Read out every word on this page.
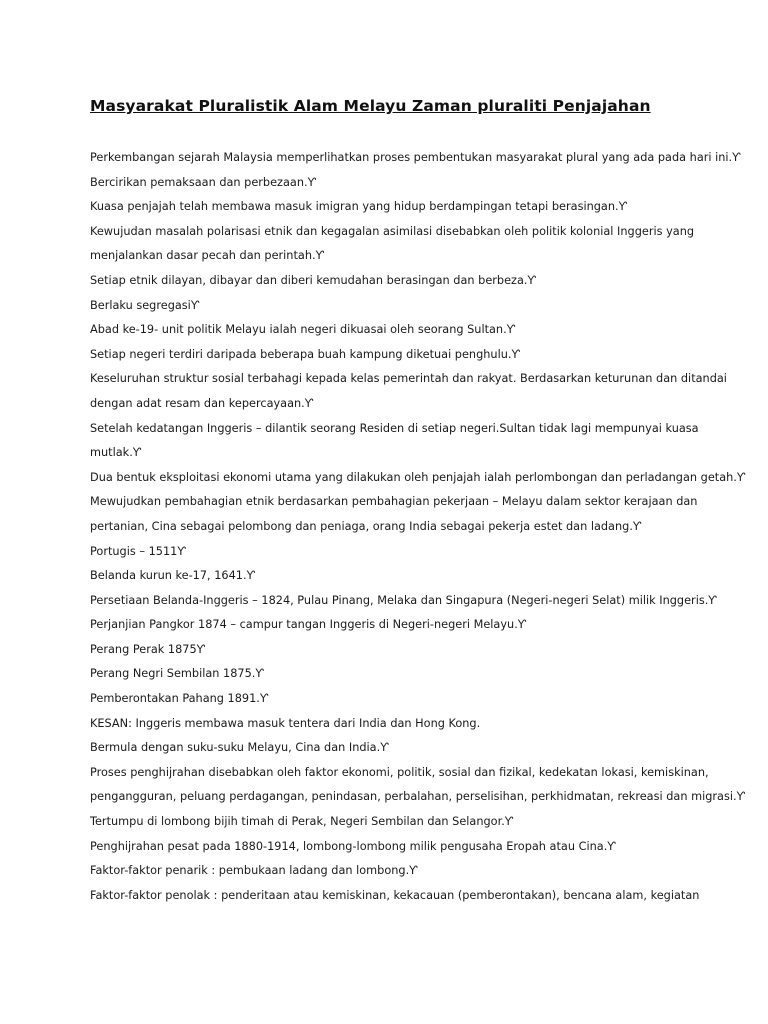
Masyarakat Pluralistik Alam Melayu Zaman pluraliti Penjajahan
Perkembangan sejarah Malaysia memperlihatkan proses pembentukan masyarakat plural yang ada pada hari ini.Ƴ
Bercirikan pemaksaan dan perbezaan.Ƴ
Kuasa penjajah telah membawa masuk imigran yang hidup berdampingan tetapi berasingan.Ƴ
Kewujudan masalah polarisasi etnik dan kegagalan asimilasi disebabkan oleh politik kolonial Inggeris yang
menjalankan dasar pecah dan perintah.Ƴ
Setiap etnik dilayan, dibayar dan diberi kemudahan berasingan dan berbeza.Ƴ
Berlaku segregasiƳ
Abad ke-19- unit politik Melayu ialah negeri dikuasai oleh seorang Sultan.Ƴ
Setiap negeri terdiri daripada beberapa buah kampung diketuai penghulu.Ƴ
Keseluruhan struktur sosial terbahagi kepada kelas pemerintah dan rakyat. Berdasarkan keturunan dan ditandai
dengan adat resam dan kepercayaan.Ƴ
Setelah kedatangan Inggeris – dilantik seorang Residen di setiap negeri.Sultan tidak lagi mempunyai kuasa
mutlak.Ƴ
Dua bentuk eksploitasi ekonomi utama yang dilakukan oleh penjajah ialah perlombongan dan perladangan getah.Ƴ
Mewujudkan pembahagian etnik berdasarkan pembahagian pekerjaan – Melayu dalam sektor kerajaan dan
pertanian, Cina sebagai pelombong dan peniaga, orang India sebagai pekerja estet dan ladang.Ƴ
Portugis – 1511Ƴ
Belanda kurun ke-17, 1641.Ƴ
Persetiaan Belanda-Inggeris – 1824, Pulau Pinang, Melaka dan Singapura (Negeri-negeri Selat) milik Inggeris.Ƴ
Perjanjian Pangkor 1874 – campur tangan Inggeris di Negeri-negeri Melayu.Ƴ
Perang Perak 1875Ƴ
Perang Negri Sembilan 1875.Ƴ
Pemberontakan Pahang 1891.Ƴ
KESAN: Inggeris membawa masuk tentera dari India dan Hong Kong.
Bermula dengan suku-suku Melayu, Cina dan India.Ƴ
Proses penghijrahan disebabkan oleh faktor ekonomi, politik, sosial dan fizikal, kedekatan lokasi, kemiskinan,
pengangguran, peluang perdagangan, penindasan, perbalahan, perselisihan, perkhidmatan, rekreasi dan migrasi.Ƴ
Tertumpu di lombong bijih timah di Perak, Negeri Sembilan dan Selangor.Ƴ
Penghijrahan pesat pada 1880-1914, lombong-lombong milik pengusaha Eropah atau Cina.Ƴ
Faktor-faktor penarik : pembukaan ladang dan lombong.Ƴ
Faktor-faktor penolak : penderitaan atau kemiskinan, kekacauan (pemberontakan), bencana alam, kegiatan
